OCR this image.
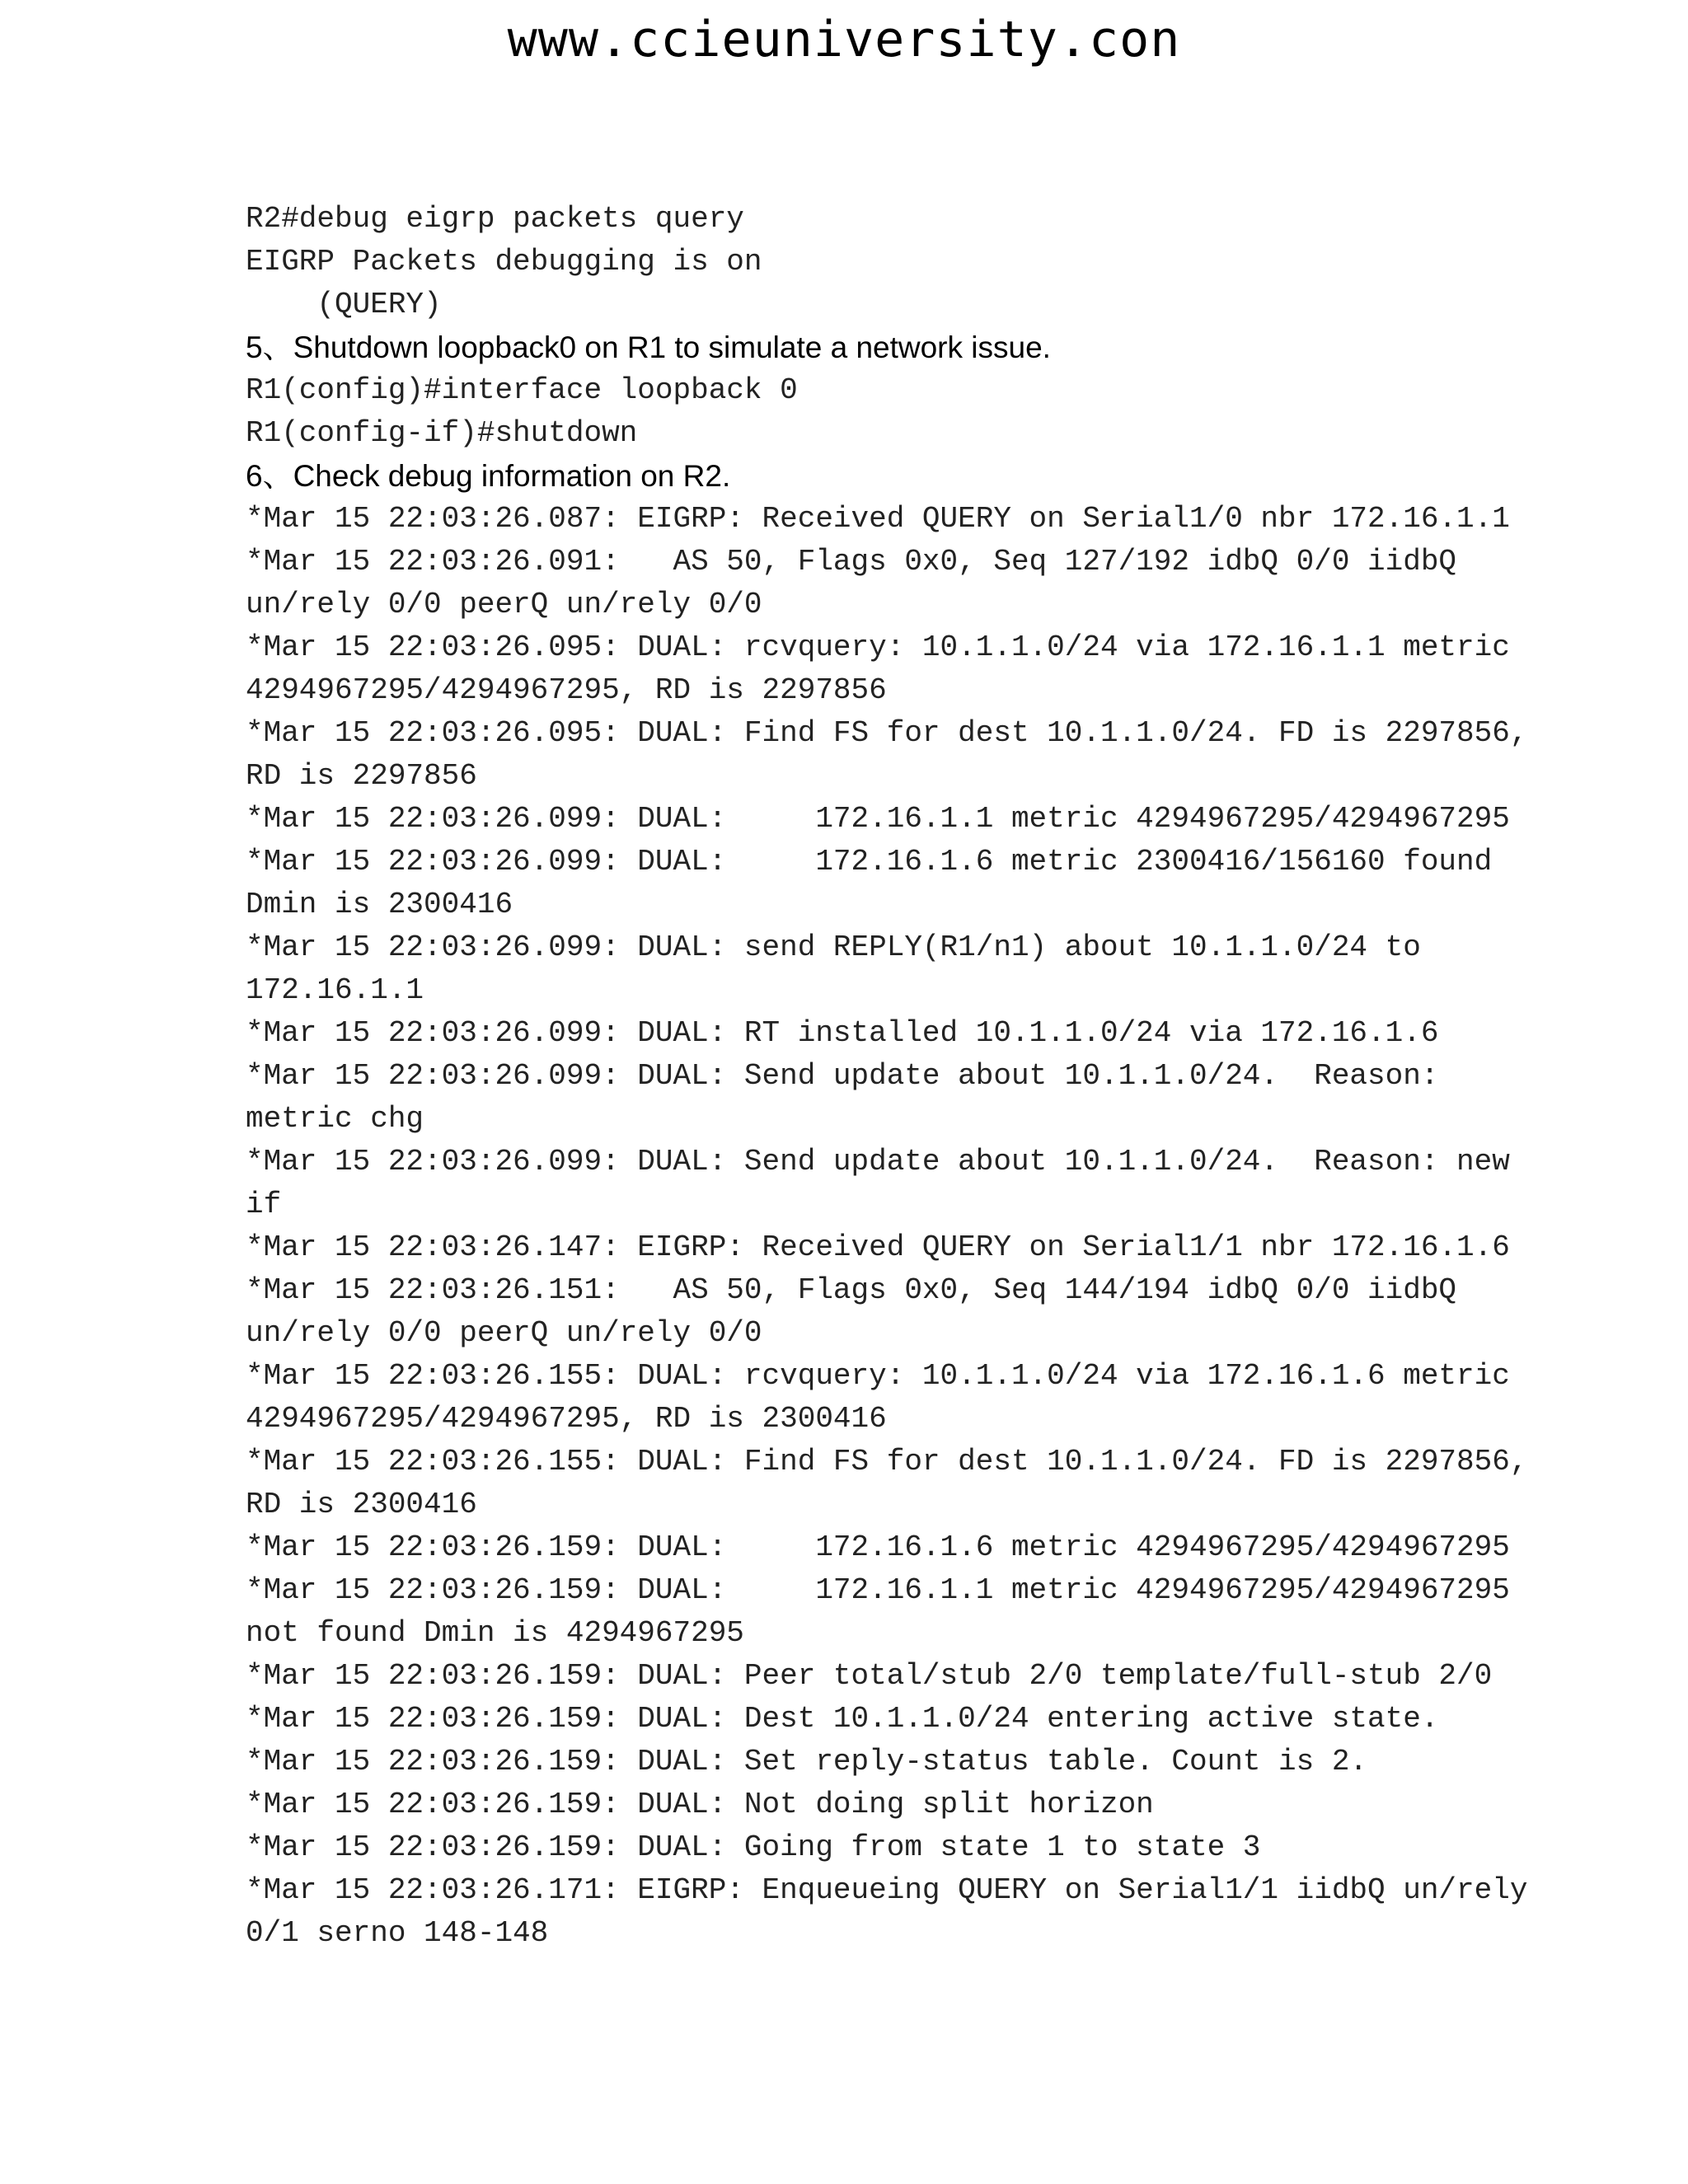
www.ccieuniversity.con
R2#debug eigrp packets query
EIGRP Packets debugging is on
(QUERY)
5、Shutdown loopback0 on R1 to simulate a network issue.
R1(config)#interface loopback 0
R1(config-if)#shutdown
6、Check debug information on R2.
*Mar 15 22:03:26.087: EIGRP: Received QUERY on Serial1/0 nbr 172.16.1.1
*Mar 15 22:03:26.091:   AS 50, Flags 0x0, Seq 127/192 idbQ 0/0 iidbQ
un/rely 0/0 peerQ un/rely 0/0
*Mar 15 22:03:26.095: DUAL: rcvquery: 10.1.1.0/24 via 172.16.1.1 metric
4294967295/4294967295, RD is 2297856
*Mar 15 22:03:26.095: DUAL: Find FS for dest 10.1.1.0/24. FD is 2297856,
RD is 2297856
*Mar 15 22:03:26.099: DUAL:     172.16.1.1 metric 4294967295/4294967295
*Mar 15 22:03:26.099: DUAL:     172.16.1.6 metric 2300416/156160 found
Dmin is 2300416
*Mar 15 22:03:26.099: DUAL: send REPLY(R1/n1) about 10.1.1.0/24 to
172.16.1.1
*Mar 15 22:03:26.099: DUAL: RT installed 10.1.1.0/24 via 172.16.1.6
*Mar 15 22:03:26.099: DUAL: Send update about 10.1.1.0/24.  Reason:
metric chg
*Mar 15 22:03:26.099: DUAL: Send update about 10.1.1.0/24.  Reason: new
if
*Mar 15 22:03:26.147: EIGRP: Received QUERY on Serial1/1 nbr 172.16.1.6
*Mar 15 22:03:26.151:   AS 50, Flags 0x0, Seq 144/194 idbQ 0/0 iidbQ
un/rely 0/0 peerQ un/rely 0/0
*Mar 15 22:03:26.155: DUAL: rcvquery: 10.1.1.0/24 via 172.16.1.6 metric
4294967295/4294967295, RD is 2300416
*Mar 15 22:03:26.155: DUAL: Find FS for dest 10.1.1.0/24. FD is 2297856,
RD is 2300416
*Mar 15 22:03:26.159: DUAL:     172.16.1.6 metric 4294967295/4294967295
*Mar 15 22:03:26.159: DUAL:     172.16.1.1 metric 4294967295/4294967295
not found Dmin is 4294967295
*Mar 15 22:03:26.159: DUAL: Peer total/stub 2/0 template/full-stub 2/0
*Mar 15 22:03:26.159: DUAL: Dest 10.1.1.0/24 entering active state.
*Mar 15 22:03:26.159: DUAL: Set reply-status table. Count is 2.
*Mar 15 22:03:26.159: DUAL: Not doing split horizon
*Mar 15 22:03:26.159: DUAL: Going from state 1 to state 3
*Mar 15 22:03:26.171: EIGRP: Enqueueing QUERY on Serial1/1 iidbQ un/rely
0/1 serno 148-148
